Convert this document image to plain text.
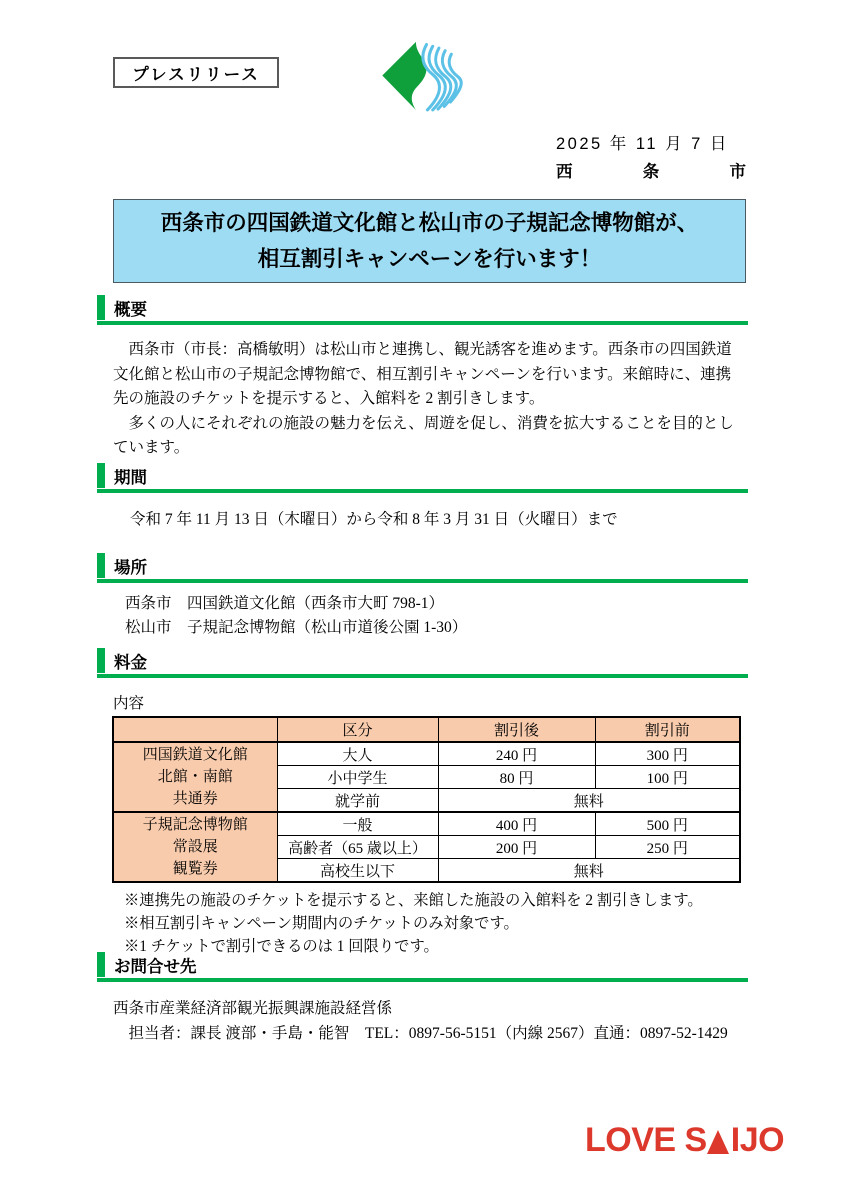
プレスリリース
2025 年 11 月 7 日
西	条	市
西条市の四国鉄道文化館と松山市の子規記念博物館が、
相互割引キャンペーンを行います！
概要
　西条市（市長：高橋敏明）は松山市と連携し、観光誘客を進めます。西条市の四国鉄道
文化館と松山市の子規記念博物館で、相互割引キャンペーンを行います。来館時に、連携
先の施設のチケットを提示すると、入館料を 2 割引きします。
　多くの人にそれぞれの施設の魅力を伝え、周遊を促し、消費を拡大することを目的とし
ています。
期間
令和 7 年 11 月 13 日（木曜日）から令和 8 年 3 月 31 日（火曜日）まで
場所
西条市　四国鉄道文化館（西条市大町 798-1）
松山市　子規記念博物館（松山市道後公園 1-30）
料金
内容
	区分	割引後	割引前

四国鉄道文化館
北館・南館
共通券	大人	240 円	300 円
	小中学生	80 円	100 円
	就学前	無料	

子規記念博物館
常設展
観覧券	一般	400 円	500 円
	高齢者（65 歳以上）	200 円	250 円
	高校生以下	無料	
※連携先の施設のチケットを提示すると、来館した施設の入館料を 2 割引きします。
※相互割引キャンペーン期間内のチケットのみ対象です。
※1 チケットで割引できるのは 1 回限りです。
お問合せ先
西条市産業経済部観光振興課施設経営係
　担当者：課長 渡部・手島・能智　TEL：0897-56-5151（内線 2567）直通：0897-52-1429
LOVE S IJO
